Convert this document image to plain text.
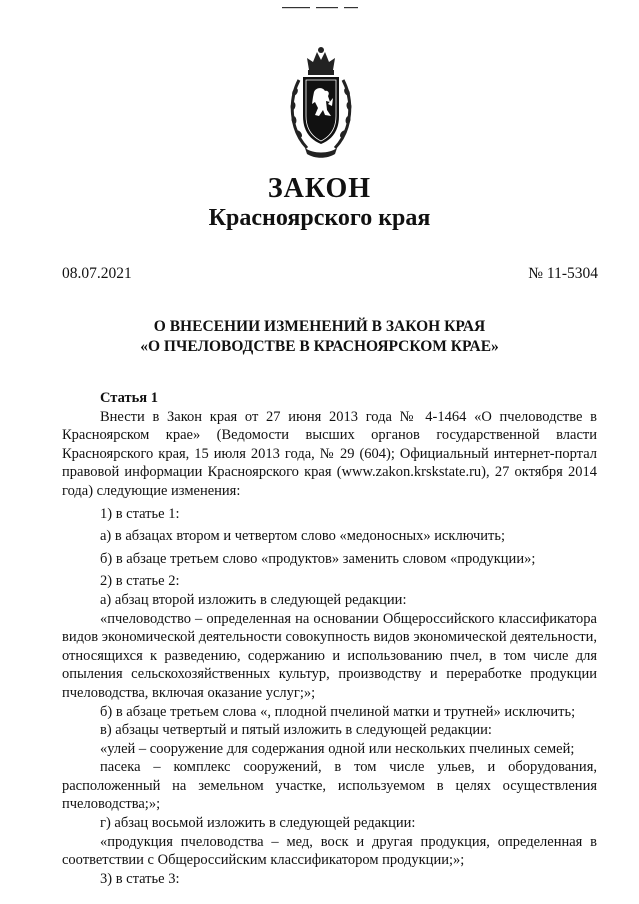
ЗАКОН
Красноярского края
08.07.2021	№ 11-5304
О ВНЕСЕНИИ ИЗМЕНЕНИЙ В ЗАКОН КРАЯ
«О ПЧЕЛОВОДСТВЕ В КРАСНОЯРСКОМ КРАЕ»

Статья 1

Внести в Закон края от 27 июня 2013 года № 4-1464 «О пчеловодстве в Красноярском крае» (Ведомости высших органов государственной власти Красноярского края, 15 июля 2013 года, № 29 (604); Официальный интернет-портал правовой информации Красноярского края (www.zakon.krskstate.ru), 27 октября 2014 года) следующие изменения:

1) в статье 1:

а) в абзацах втором и четвертом слово «медоносных» исключить;

б) в абзаце третьем слово «продуктов» заменить словом «продукции»;

2) в статье 2:

а) абзац второй изложить в следующей редакции:

«пчеловодство – определенная на основании Общероссийского классификатора видов экономической деятельности совокупность видов экономической деятельности, относящихся к разведению, содержанию и использованию пчел, в том числе для опыления сельскохозяйственных культур, производству и переработке продукции пчеловодства, включая оказание услуг;»;

б) в абзаце третьем слова «, плодной пчелиной матки и трутней» исключить;

в) абзацы четвертый и пятый изложить в следующей редакции:

«улей – сооружение для содержания одной или нескольких пчелиных семей;

пасека – комплекс сооружений, в том числе ульев, и оборудования, расположенный на земельном участке, используемом в целях осуществления пчеловодства;»;

г) абзац восьмой изложить в следующей редакции:

«продукция пчеловодства – мед, воск и другая продукция, определенная в соответствии с Общероссийским классификатором продукции;»;

3) в статье 3:
